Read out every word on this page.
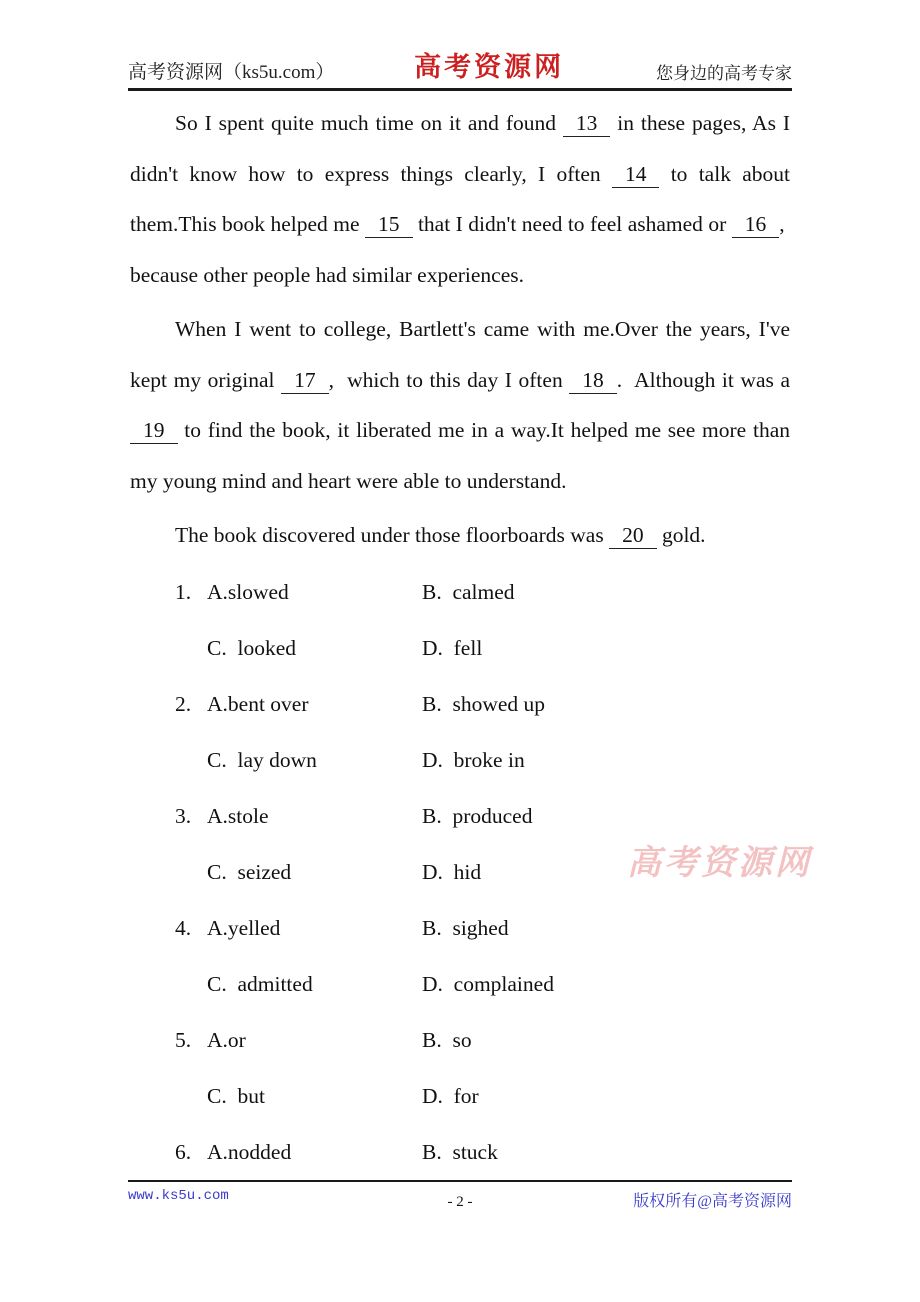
高考资源网（ks5u.com）	高考资源网	您身边的高考专家

So I spent quite much time on it and found 13 in these pages, As I didn't know how to express things clearly, I often 14 to talk about them.This book helped me 15 that I didn't need to feel ashamed or 16 ,  because other people had similar experiences.

When I went to college, Bartlett's came with me.Over the years, I've kept my original 17 ,  which to this day I often 18 .  Although it was a 19 to find the book, it liberated me in a way.It helped me see more than my young mind and heart were able to understand.

The book discovered under those floorboards was 20 gold.

1. A.slowed	B.  calmed
C.  looked	D.  fell
2. A.bent over	B.  showed up
C.  lay down	D.  broke in
3. A.stole	B.  produced
C.  seized	D.  hid
4. A.yelled	B.  sighed
C.  admitted	D.  complained
5. A.or	B.  so
C.  but	D.  for
6. A.nodded	B.  stuck
高考资源网
www.ks5u.com	- 2 -	版权所有@高考资源网
